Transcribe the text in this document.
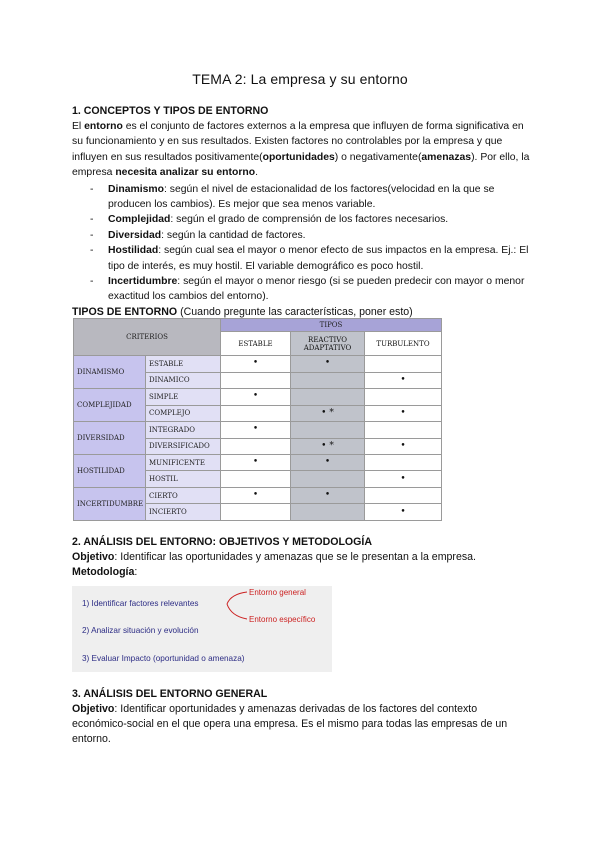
TEMA 2: La empresa y su entorno
1. CONCEPTOS Y TIPOS DE ENTORNO

El entorno es el conjunto de factores externos a la empresa que influyen de forma significativa en su funcionamiento y en sus resultados. Existen factores no controlables por la empresa y que influyen en sus resultados positivamente(oportunidades) o negativamente(amenazas). Por ello, la empresa necesita analizar su entorno.

- Dinamismo: según el nivel de estacionalidad de los factores(velocidad en la que se producen los cambios). Es mejor que sea menos variable.
- Complejidad: según el grado de comprensión de los factores necesarios.
- Diversidad: según la cantidad de factores.
- Hostilidad: según cual sea el mayor o menor efecto de sus impactos en la empresa. Ej.: El tipo de interés, es muy hostil. El variable demográfico es poco hostil.
- Incertidumbre: según el mayor o menor riesgo (si se pueden predecir con mayor o menor exactitud los cambios del entorno).

TIPOS DE ENTORNO (Cuando pregunte las características, poner esto)

CRITERIOS		TIPOS		
		ESTABLE	REACTIVO ADAPTATIVO	TURBULENTO
DINAMISMO	ESTABLE	•	•	
	DINAMICO			•
COMPLEJIDAD	SIMPLE	•		
	COMPLEJO		• *	•
DIVERSIDAD	INTEGRADO	•		
	DIVERSIFICADO		• *	•
HOSTILIDAD	MUNIFICENTE	•	•	
	HOSTIL			•
INCERTIDUMBRE	CIERTO	•	•	
	INCIERTO			•
2. ANÁLISIS DEL ENTORNO: OBJETIVOS Y METODOLOGÍA

Objetivo: Identificar las oportunidades y amenazas que se le presentan a la empresa.

Metodología:

1) Identificar factores relevantes
2) Analizar situación y evolución
3) Evaluar Impacto (oportunidad o amenaza)
Entorno general
Entorno específico
3. ANÁLISIS DEL ENTORNO GENERAL

Objetivo: Identificar oportunidades y amenazas derivadas de los factores del contexto económico-social en el que opera una empresa. Es el mismo para todas las empresas de un entorno.
